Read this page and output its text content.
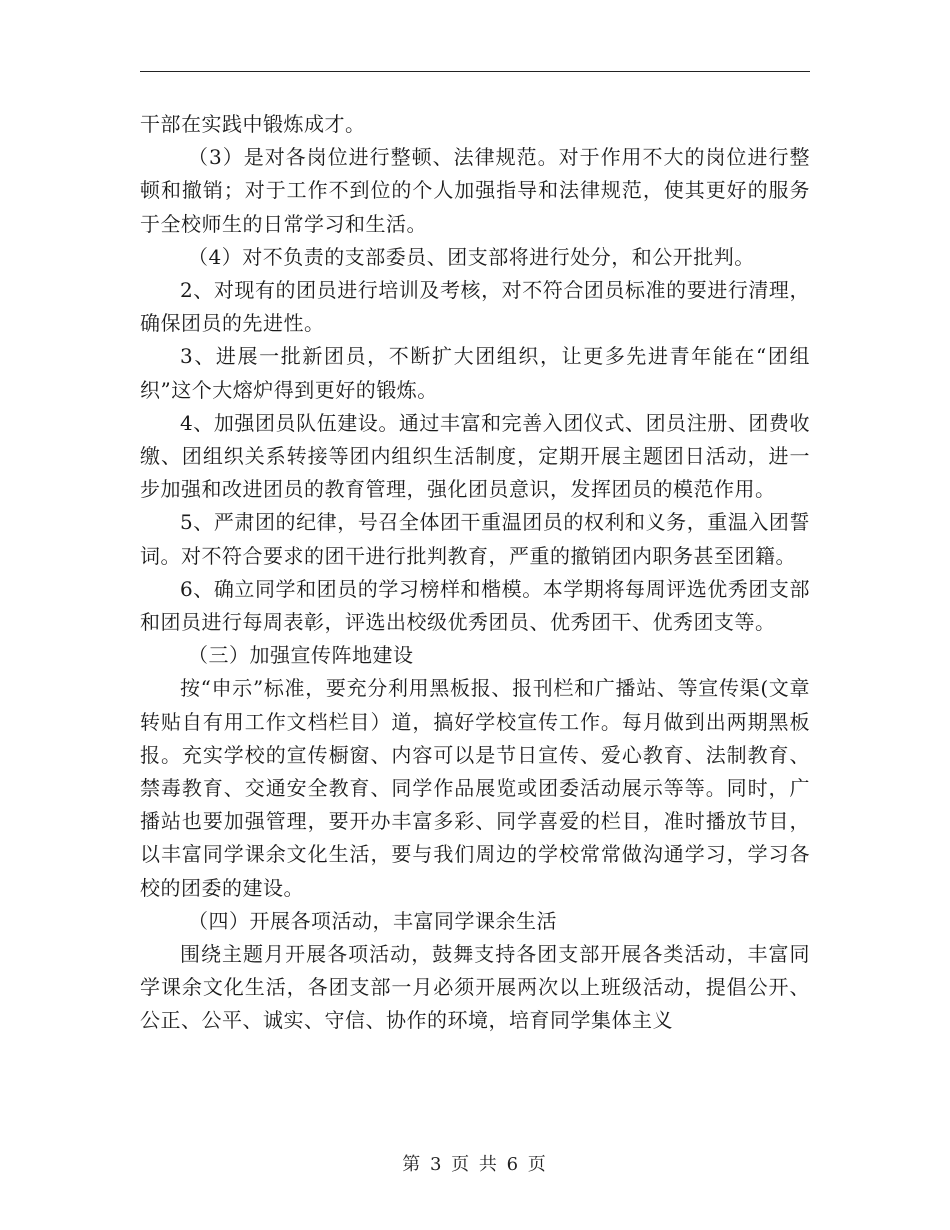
干部在实践中锻炼成才。

（3）是对各岗位进行整顿、法律规范。对于作用不大的岗位进行整顿和撤销；对于工作不到位的个人加强指导和法律规范，使其更好的服务于全校师生的日常学习和生活。

（4）对不负责的支部委员、团支部将进行处分，和公开批判。

2、对现有的团员进行培训及考核，对不符合团员标准的要进行清理，确保团员的先进性。

3、进展一批新团员，不断扩大团组织，让更多先进青年能在“团组织”这个大熔炉得到更好的锻炼。

4、加强团员队伍建设。通过丰富和完善入团仪式、团员注册、团费收缴、团组织关系转接等团内组织生活制度，定期开展主题团日活动，进一步加强和改进团员的教育管理，强化团员意识，发挥团员的模范作用。

5、严肃团的纪律，号召全体团干重温团员的权利和义务，重温入团誓词。对不符合要求的团干进行批判教育，严重的撤销团内职务甚至团籍。

6、确立同学和团员的学习榜样和楷模。本学期将每周评选优秀团支部和团员进行每周表彰，评选出校级优秀团员、优秀团干、优秀团支等。

（三）加强宣传阵地建设

按“申示”标准，要充分利用黑板报、报刊栏和广播站、等宣传渠(文章转贴自有用工作文档栏目）道，搞好学校宣传工作。每月做到出两期黑板报。充实学校的宣传橱窗、内容可以是节日宣传、爱心教育、法制教育、禁毒教育、交通安全教育、同学作品展览或团委活动展示等等。同时，广播站也要加强管理，要开办丰富多彩、同学喜爱的栏目，准时播放节目，以丰富同学课余文化生活，要与我们周边的学校常常做沟通学习，学习各校的团委的建设。

（四）开展各项活动，丰富同学课余生活

围绕主题月开展各项活动，鼓舞支持各团支部开展各类活动，丰富同学课余文化生活，各团支部一月必须开展两次以上班级活动，提倡公开、公正、公平、诚实、守信、协作的环境，培育同学集体主义

第 3 页 共 6 页
